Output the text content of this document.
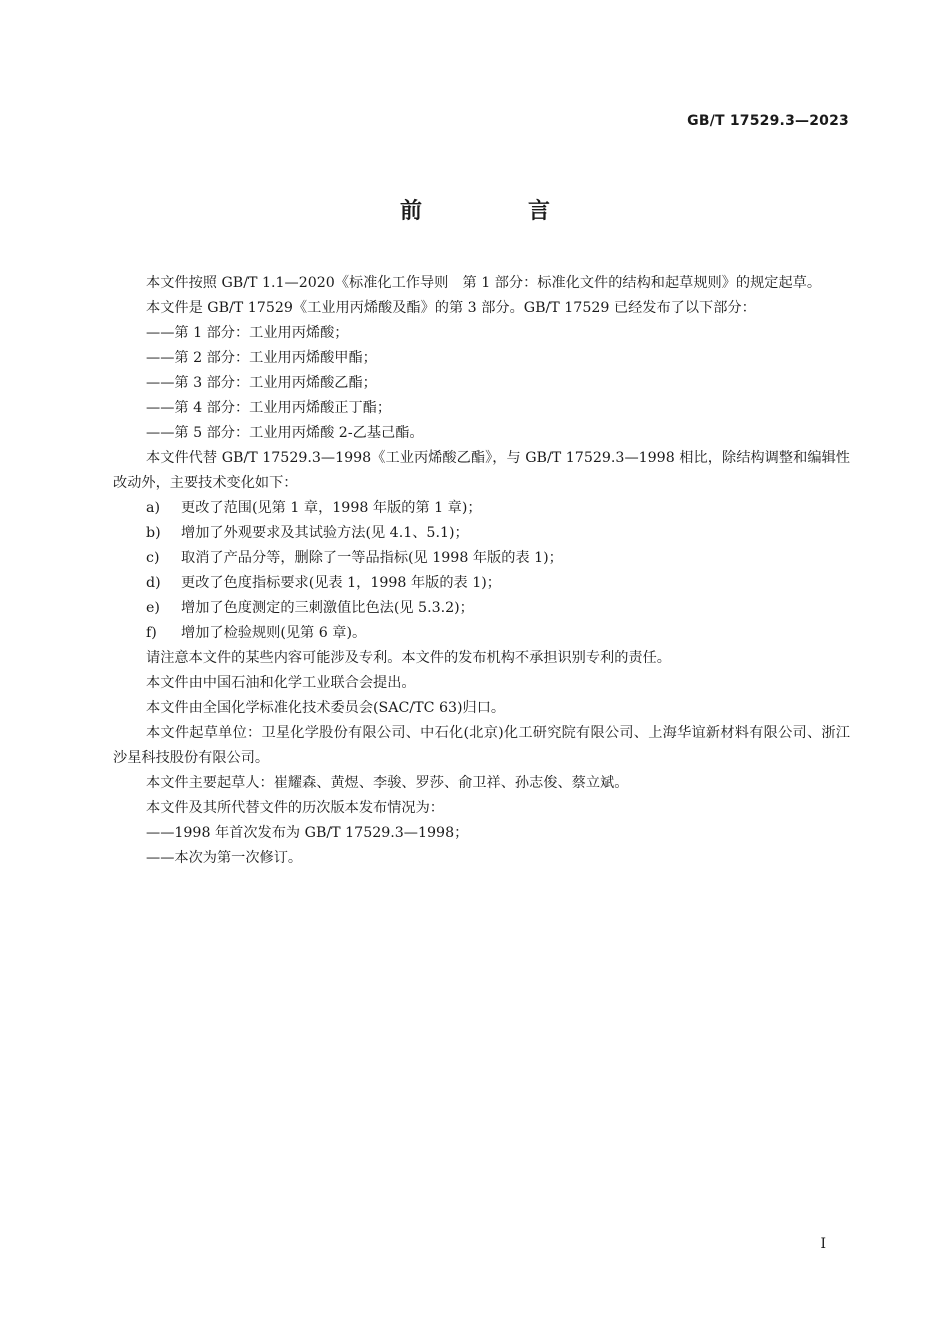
GB/T 17529.3—2023
前　言

本文件按照 GB/T 1.1—2020《标准化工作导则　第 1 部分：标准化文件的结构和起草规则》的规定起草。

本文件是 GB/T 17529《工业用丙烯酸及酯》的第 3 部分。GB/T 17529 已经发布了以下部分：

——第 1 部分：工业用丙烯酸；

——第 2 部分：工业用丙烯酸甲酯；

——第 3 部分：工业用丙烯酸乙酯；

——第 4 部分：工业用丙烯酸正丁酯；

——第 5 部分：工业用丙烯酸 2-乙基己酯。

本文件代替 GB/T 17529.3—1998《工业丙烯酸乙酯》，与 GB/T 17529.3—1998 相比，除结构调整和编辑性改动外，主要技术变化如下：

a) 更改了范围(见第 1 章，1998 年版的第 1 章)；

b) 增加了外观要求及其试验方法(见 4.1、5.1)；

c) 取消了产品分等，删除了一等品指标(见 1998 年版的表 1)；

d) 更改了色度指标要求(见表 1，1998 年版的表 1)；

e) 增加了色度测定的三刺激值比色法(见 5.3.2)；

f) 增加了检验规则(见第 6 章)。

请注意本文件的某些内容可能涉及专利。本文件的发布机构不承担识别专利的责任。

本文件由中国石油和化学工业联合会提出。

本文件由全国化学标准化技术委员会(SAC/TC 63)归口。

本文件起草单位：卫星化学股份有限公司、中石化(北京)化工研究院有限公司、上海华谊新材料有限公司、浙江沙星科技股份有限公司。

本文件主要起草人：崔耀森、黄煜、李骏、罗莎、俞卫祥、孙志俊、蔡立斌。

本文件及其所代替文件的历次版本发布情况为：

——1998 年首次发布为 GB/T 17529.3—1998；

——本次为第一次修订。

I
